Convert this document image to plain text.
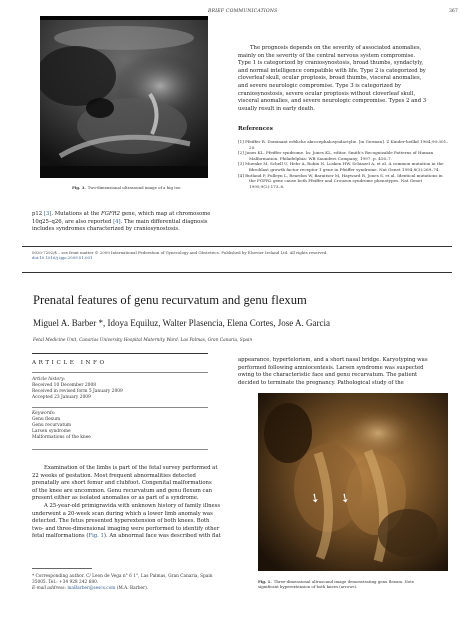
BRIEF COMMUNICATIONS	367
Fig. 3. Two-dimensional ultrasound image of a big toe.
p12 [3]. Mutations at the FGFR2 gene, which map at chromosome
10q25–q26, are also reported [4]. The main differential diagnosis
includes syndromes characterized by craniosynostosis.
The prognosis depends on the severity of associated anomalies,
mainly on the severity of the central nervous system compromise.
Type 1 is categorized by craniosynostosis, broad thumbs, syndactyly,
and normal intelligence compatible with life. Type 2 is categorized by
cloverleaf skull, ocular proptosis, broad thumbs, visceral anomalies,
and severe neurologic compromise. Type 3 is categorized by
craniosynostosis, severe ocular proptosis without cloverleaf skull,
visceral anomalies, and severe neurologic compromise. Types 2 and 3
usually result in early death.
References
[1] Pfeiffer R. Dominant erbliche akrocephalosyndactylie. [in German]. Z Kinder-heilkd 1964;90:301–20.
[2] Jones KL. Pfeiffer syndrome. In: Jones KL, editor. Smith's Recognizable Patterns of Human Malformation. Philadelphia: WB Saunders Company; 1997. p. 416–7.
[3] Muenke M, Schell U, Hehr A, Robin N, Losken HW, Schinzel A, et al. A common mutation in the fibroblast growth factor receptor 1 gene in Pfeiffer syndrome. Nat Genet 1994;8(3):269–74.
[4] Rutland P, Pulleyn L, Reardon W, Baraitser M, Hayward R, Jones S, et al. Identical mutations in the FGFR2 gene cause both Pfeiffer and Crouzon syndrome phenotypes. Nat Genet 1995;9(2):173–6.
0020-7292/$ – see front matter © 2009 International Federation of Gynecology and Obstetrics. Published by Elsevier Ireland Ltd. All rights reserved.
doi:10.1016/j.ijgo.2009.01.001
Prenatal features of genu recurvatum and genu flexum
Miguel A. Barber *, Idoya Equiluz, Walter Plasencia, Elena Cortes, Jose A. Garcia
Fetal Medicine Unit, Canarias University Hospital Maternity Ward, Las Palmas, Gran Canaria, Spain
ARTICLE INFO
Article history:
Received 10 December 2008
Received in revised form 5 January 2009
Accepted 23 January 2009
Keywords:
Genu flexum
Genu recurvatum
Larsen syndrome
Malformations of the knee
Examination of the limbs is part of the fetal survey performed at
22 weeks of gestation. Most frequent abnormalities detected
prenatally are short femur and clubfoot. Congenital malformations
of the knee are uncommon. Genu recurvatum and genu flexum can
present either as isolated anomalies or as part of a syndrome.
A 25-year-old primigravida with unknown history of family illness
underwent a 20-week scan during which a lower limb anomaly was
detected. The fetus presented hyperextension of both knees. Both
two- and three-dimensional imaging were performed to identify other
fetal malformations (Fig. 1). An abnormal face was described with flat
* Corresponding author. C/ Leon de Vega n° 6 1°, Las Palmas, Gran Canaria, Spain
35005. Tel.: +34 928 242 680.
E-mail address: maBarber@sescs.com (M.A. Barber).
appearance, hypertelorism, and a short nasal bridge. Karyotyping was
performed following amniocentesis. Larsen syndrome was suspected
owing to the characteristic face and genu recurvatum. The patient
decided to terminate the pregnancy. Pathological study of the
➘ ➘
Fig. 1. Three-dimensional ultrasound image demonstrating genu flexum. Note
significant hyperextension of both knees (arrows).
